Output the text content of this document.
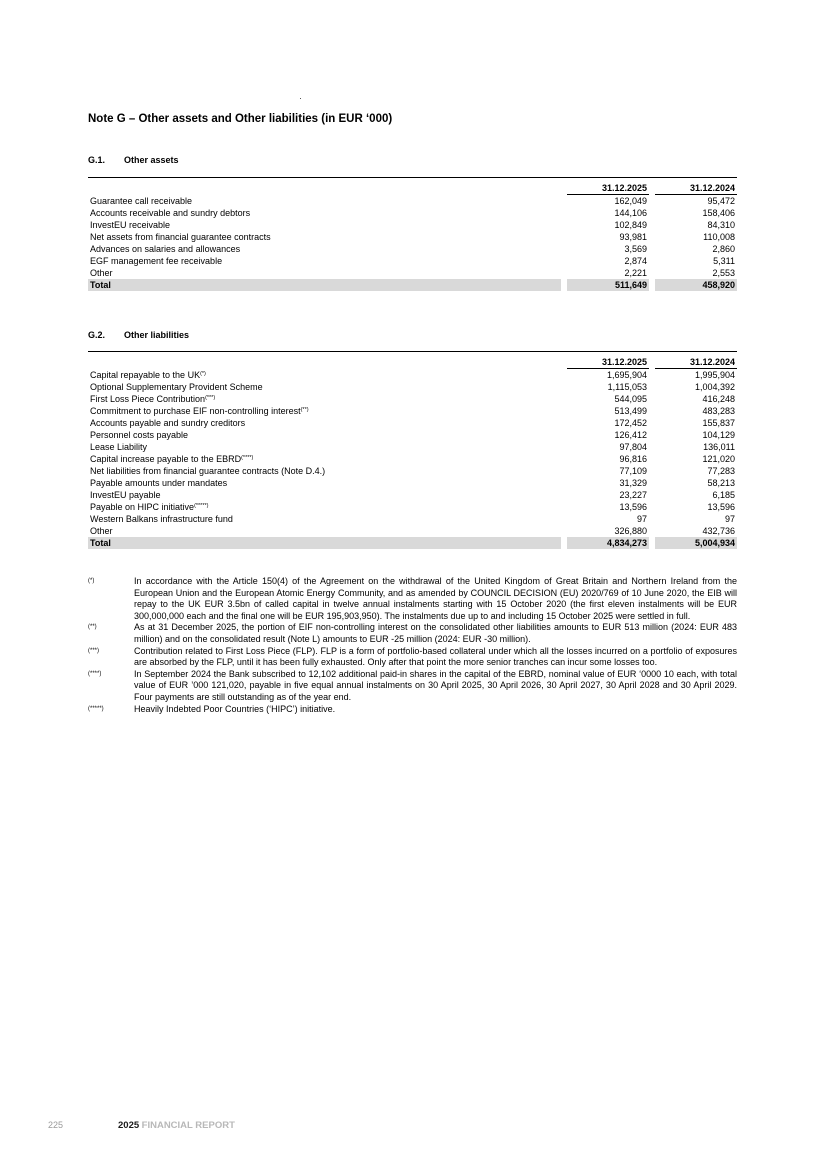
Note G – Other assets and Other liabilities (in EUR ‘000)
G.1. Other assets

		31.12.2025		31.12.2024
Guarantee call receivable		162,049		95,472
Accounts receivable and sundry debtors		144,106		158,406
InvestEU receivable		102,849		84,310
Net assets from financial guarantee contracts		93,981		110,008
Advances on salaries and allowances		3,569		2,860
EGF management fee receivable		2,874		5,311
Other		2,221		2,553
Total		511,649		458,920
G.2. Other liabilities

		31.12.2025		31.12.2024
Capital repayable to the UK(*)		1,695,904		1,995,904
Optional Supplementary Provident Scheme		1,115,053		1,004,392
First Loss Piece Contribution(***)		544,095		416,248
Commitment to purchase EIF non-controlling interest(**)		513,499		483,283
Accounts payable and sundry creditors		172,452		155,837
Personnel costs payable		126,412		104,129
Lease Liability		97,804		136,011
Capital increase payable to the EBRD(****)		96,816		121,020
Net liabilities from financial guarantee contracts (Note D.4.)		77,109		77,283
Payable amounts under mandates		31,329		58,213
InvestEU payable		23,227		6,185
Payable on HIPC initiative(*****)		13,596		13,596
Western Balkans infrastructure fund		97		97
Other		326,880		432,736
Total		4,834,273		5,004,934
(*)	In accordance with the Article 150(4) of the Agreement on the withdrawal of the United Kingdom of Great Britain and Northern Ireland from the European Union and the European Atomic Energy Community, and as amended by COUNCIL DECISION (EU) 2020/769 of 10 June 2020, the EIB will repay to the UK EUR 3.5bn of called capital in twelve annual instalments starting with 15 October 2020 (the first eleven instalments will be EUR 300,000,000 each and the final one will be EUR 195,903,950). The instalments due up to and including 15 October 2025 were settled in full.
(**)	As at 31 December 2025, the portion of EIF non-controlling interest on the consolidated other liabilities amounts to EUR 513 million (2024: EUR 483 million) and on the consolidated result (Note L) amounts to EUR -25 million (2024: EUR -30 million).
(***)	Contribution related to First Loss Piece (FLP). FLP is a form of portfolio-based collateral under which all the losses incurred on a portfolio of exposures are absorbed by the FLP, until it has been fully exhausted. Only after that point the more senior tranches can incur some losses too.
(****)	In September 2024 the Bank subscribed to 12,102 additional paid-in shares in the capital of the EBRD, nominal value of EUR ‘0000 10 each, with total value of EUR ’000 121,020, payable in five equal annual instalments on 30 April 2025, 30 April 2026, 30 April 2027, 30 April 2028 and 30 April 2029. Four payments are still outstanding as of the year end.
(*****)	Heavily Indebted Poor Countries (‘HIPC’) initiative.
225	2025 FINANCIAL REPORT
